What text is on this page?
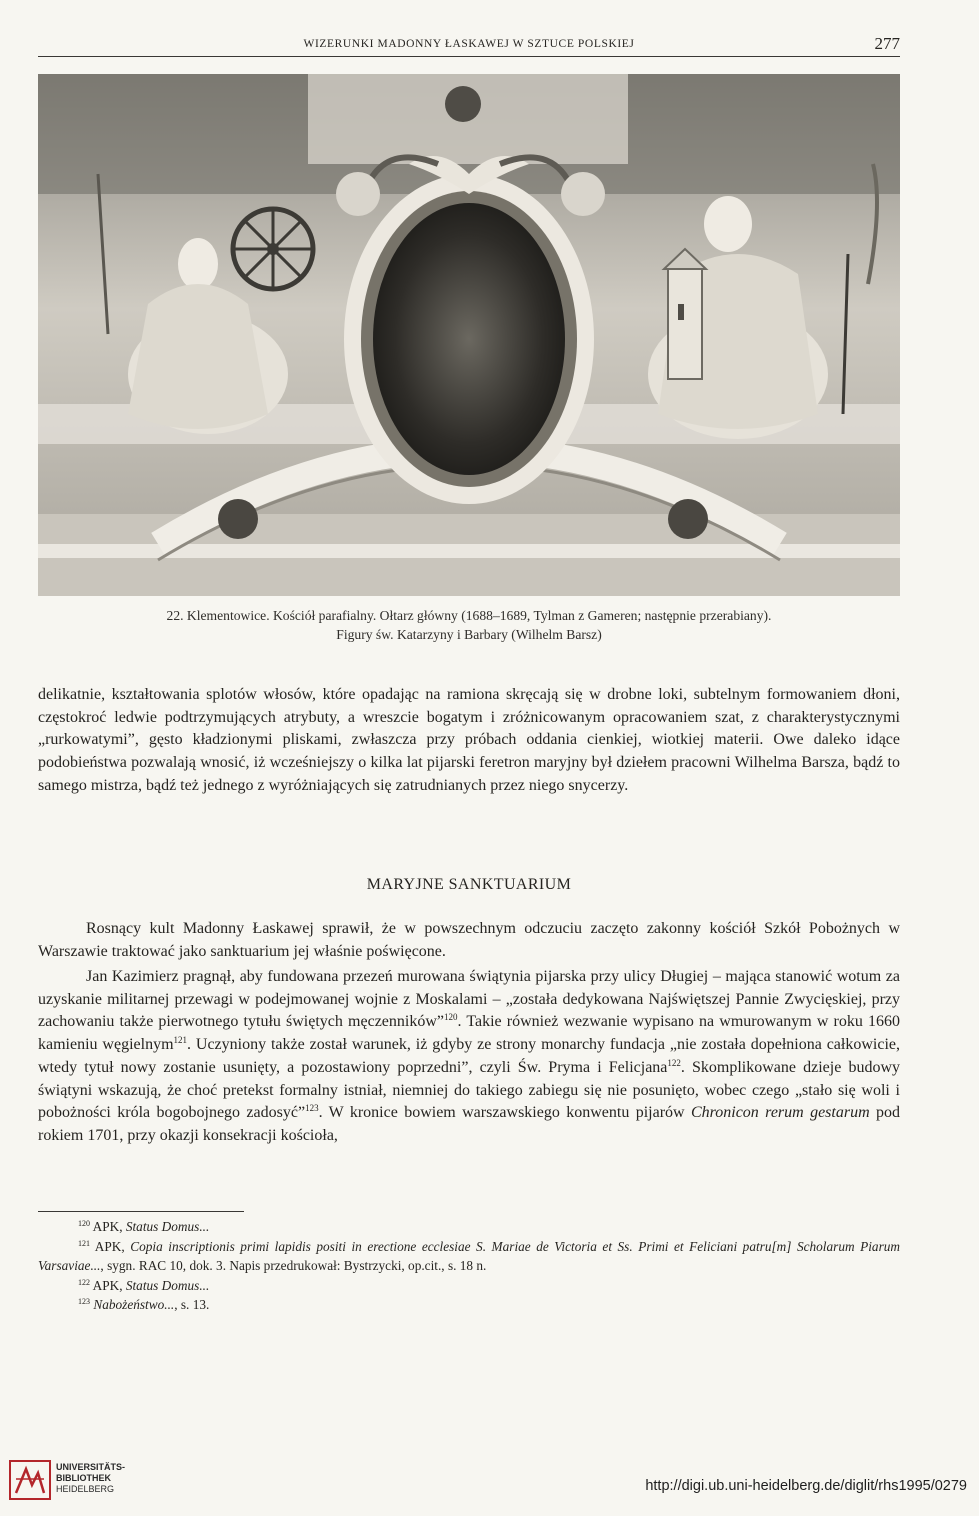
WIZERUNKI MADONNY ŁASKAWEJ W SZTUCE POLSKIEJ	277
22. Klementowice. Kościół parafialny. Ołtarz główny (1688–1689, Tylman z Gameren; następnie przerabiany).
Figury św. Katarzyny i Barbary (Wilhelm Barsz)
delikatnie, kształtowania splotów włosów, które opadając na ramiona skręcają się w drobne loki, subtelnym formowaniem dłoni, częstokroć ledwie podtrzymujących atrybuty, a wreszcie bogatym i zróżnicowanym opracowaniem szat, z charakterystycznymi „rurkowatymi”, gęsto kładzionymi pliskami, zwłaszcza przy próbach oddania cienkiej, wiotkiej materii. Owe daleko idące podobieństwa pozwalają wnosić, iż wcześniejszy o kilka lat pijarski feretron maryjny był dziełem pracowni Wilhelma Barsza, bądź to samego mistrza, bądź też jednego z wyróżniających się zatrudnianych przez niego snycerzy.
MARYJNE SANKTUARIUM
Rosnący kult Madonny Łaskawej sprawił, że w powszechnym odczuciu zaczęto zakonny kościół Szkół Pobożnych w Warszawie traktować jako sanktuarium jej właśnie poświęcone.
Jan Kazimierz pragnął, aby fundowana przezeń murowana świątynia pijarska przy ulicy Długiej – mająca stanowić wotum za uzyskanie militarnej przewagi w podejmowanej wojnie z Moskalami – „została dedykowana Najświętszej Pannie Zwycięskiej, przy zachowaniu także pierwotnego tytułu świętych męczenników”$^{120}$. Takie również wezwanie wypisano na wmurowanym w roku 1660 kamieniu węgielnym$^{121}$. Uczyniony także został warunek, iż gdyby ze strony monarchy fundacja „nie została dopełniona całkowicie, wtedy tytuł nowy zostanie usunięty, a pozostawiony poprzedni”, czyli Św. Pryma i Felicjana$^{122}$. Skomplikowane dzieje budowy świątyni wskazują, że choć pretekst formalny istniał, niemniej do takiego zabiegu się nie posunięto, wobec czego „stało się woli i pobożności króla bogobojnego zadosyć”$^{123}$. W kronice bowiem warszawskiego konwentu pijarów Chronicon rerum gestarum pod rokiem 1701, przy okazji konsekracji kościoła,
$^{120}$ APK, Status Domus...
$^{121}$ APK, Copia inscriptionis primi lapidis positi in erectione ecclesiae S. Mariae de Victoria et Ss. Primi et Feliciani patru[m] Scholarum Piarum Varsaviae..., sygn. RAC 10, dok. 3. Napis przedrukował: Bystrzycki, op.cit., s. 18 n.
$^{122}$ APK, Status Domus...
$^{123}$ Nabożeństwo..., s. 13.
UNIVERSITÄTS-
BIBLIOTHEK
HEIDELBERG	http://digi.ub.uni-heidelberg.de/diglit/rhs1995/0279
